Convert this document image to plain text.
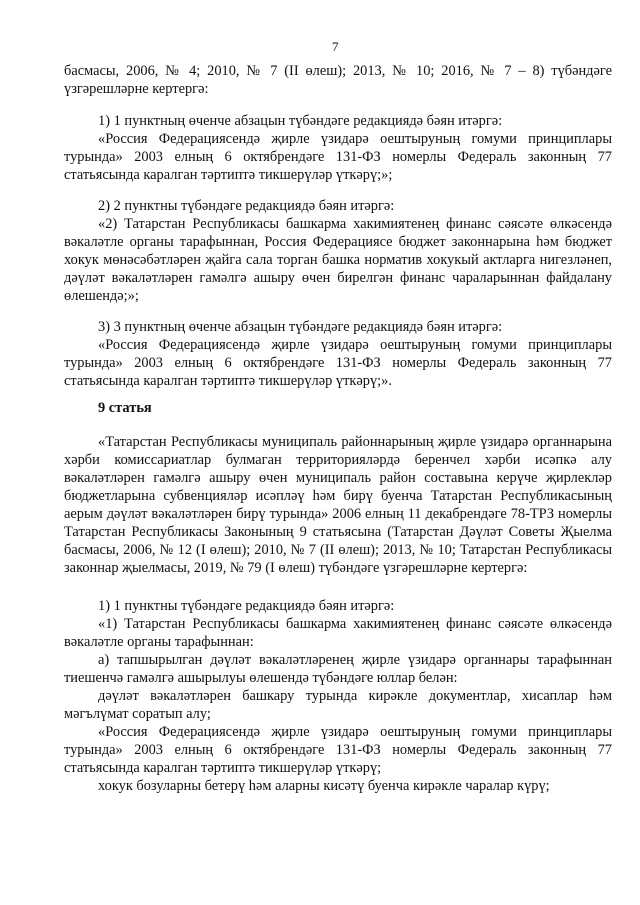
7

басмасы, 2006, № 4; 2010, № 7 (II өлеш); 2013, № 10; 2016, № 7 – 8) түбәндәге үзгәрешләрне кертергә:

1) 1 пунктның өченче абзацын түбәндәге редакциядә бәян итәргә:

«Россия Федерациясендә җирле үзидарә оештыруның гомуми принциплары турында» 2003 елның 6 октябрендәге 131-ФЗ номерлы Федераль законның 77 статьясында каралган тәртиптә тикшерүләр үткәрү;»;

2) 2 пунктны түбәндәге редакциядә бәян итәргә:

«2) Татарстан Республикасы башкарма хакимиятенең финанс сәясәте өлкәсендә вәкаләтле органы тарафыннан, Россия Федерациясе бюджет законнарына һәм бюджет хокук мөнәсәбәтләрен җайга сала торган башка норматив хокукый актларга нигезләнеп, дәүләт вәкаләтләрен гамәлгә ашыру өчен бирелгән финанс чараларыннан файдалану өлешендә;»;

3) 3 пунктның өченче абзацын түбәндәге редакциядә бәян итәргә:

«Россия Федерациясендә җирле үзидарә оештыруның гомуми принциплары турында» 2003 елның 6 октябрендәге 131-ФЗ номерлы Федераль законның 77 статьясында каралган тәртиптә тикшерүләр үткәрү;».

9 статья

«Татарстан Республикасы муниципаль районнарының җирле үзидарә органнарына хәрби комиссариатлар булмаган территорияләрдә беренчел хәрби исәпкә алу вәкаләтләрен гамәлгә ашыру өчен муниципаль район составына керүче җирлекләр бюджетларына субвенцияләр исәпләү һәм бирү буенча Татарстан Республикасының аерым дәүләт вәкаләтләрен бирү турында» 2006 елның 11 декабрендәге 78-ТРЗ номерлы Татарстан Республикасы Законының 9 статьясына (Татарстан Дәүләт Советы Җыелма басмасы, 2006, № 12 (I өлеш); 2010, № 7 (II өлеш); 2013, № 10; Татарстан Республикасы законнар җыелмасы, 2019, № 79 (I өлеш) түбәндәге үзгәрешләрне кертергә:

1) 1 пунктны түбәндәге редакциядә бәян итәргә:

«1) Татарстан Республикасы башкарма хакимиятенең финанс сәясәте өлкәсендә вәкаләтле органы тарафыннан:

а) тапшырылган дәүләт вәкаләтләренең җирле үзидарә органнары тарафыннан тиешенчә гамәлгә ашырылуы өлешендә түбәндәге юллар белән:

дәүләт вәкаләтләрен башкару турында кирәкле документлар, хисаплар һәм мәгълүмат соратып алу;

«Россия Федерациясендә җирле үзидарә оештыруның гомуми принциплары турында» 2003 елның 6 октябрендәге 131-ФЗ номерлы Федераль законның 77 статьясында каралган тәртиптә тикшерүләр үткәрү;

хокук бозуларны бетерү һәм аларны кисәтү буенча кирәкле чаралар күрү;
